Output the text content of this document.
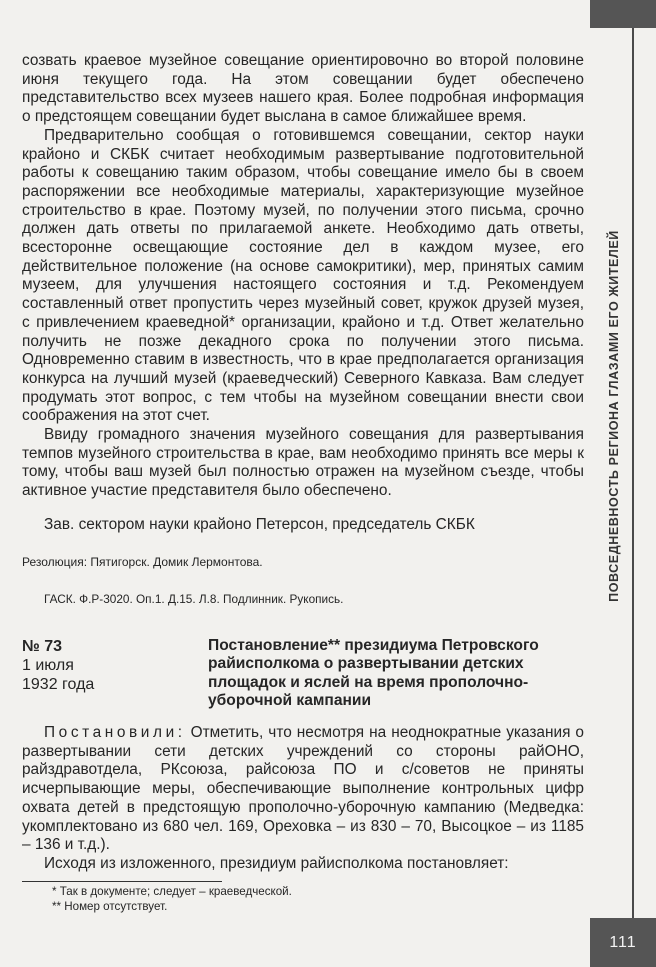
созвать краевое музейное совещание ориентировочно во второй половине июня текущего года. На этом совещании будет обеспечено представительство всех музеев нашего края. Более подробная информация о предстоящем совещании будет выслана в самое ближайшее время.

Предварительно сообщая о готовившемся совещании, сектор науки крайоно и СКБК считает необходимым развертывание подготовительной работы к совещанию таким образом, чтобы совещание имело бы в своем распоряжении все необходимые материалы, характеризующие музейное строительство в крае. Поэтому музей, по получении этого письма, срочно должен дать ответы по прилагаемой анкете. Необходимо дать ответы, всесторонне освещающие состояние дел в каждом музее, его действительное положение (на основе самокритики), мер, принятых самим музеем, для улучшения настоящего состояния и т.д. Рекомендуем составленный ответ пропустить через музейный совет, кружок друзей музея, с привлечением краеведной* организации, крайоно и т.д. Ответ желательно получить не позже декадного срока по получении этого письма. Одновременно ставим в известность, что в крае предполагается организация конкурса на лучший музей (краеведческий) Северного Кавказа. Вам следует продумать этот вопрос, с тем чтобы на музейном совещании внести свои соображения на этот счет.

Ввиду громадного значения музейного совещания для развертывания темпов музейного строительства в крае, вам необходимо принять все меры к тому, чтобы ваш музей был полностью отражен на музейном съезде, чтобы активное участие представителя было обеспечено.

Зав. сектором науки крайоно Петерсон, председатель СКБК
Резолюция: Пятигорск. Домик Лермонтова.
ГАСК. Ф.Р-3020. Оп.1. Д.15. Л.8. Подлинник. Рукопись.
№ 73
1 июля
1932 года
Постановление** президиума Петровского райисполкома о развертывании детских площадок и яслей на время прополочно-уборочной кампании

Постановили: Отметить, что несмотря на неоднократные указания о развертывании сети детских учреждений со стороны райОНО, райздравотдела, РКсоюза, райсоюза ПО и с/советов не приняты исчерпывающие меры, обеспечивающие выполнение контрольных цифр охвата детей в предстоящую прополочно-уборочную кампанию (Медведка: укомплектовано из 680 чел. 169, Ореховка – из 830 – 70, Высоцкое – из 1185 – 136 и т.д.).

Исходя из изложенного, президиум райисполкома постановляет:

* Так в документе; следует – краеведческой.
** Номер отсутствует.
ПОВСЕДНЕВНОСТЬ РЕГИОНА ГЛАЗАМИ ЕГО ЖИТЕЛЕЙ
111
